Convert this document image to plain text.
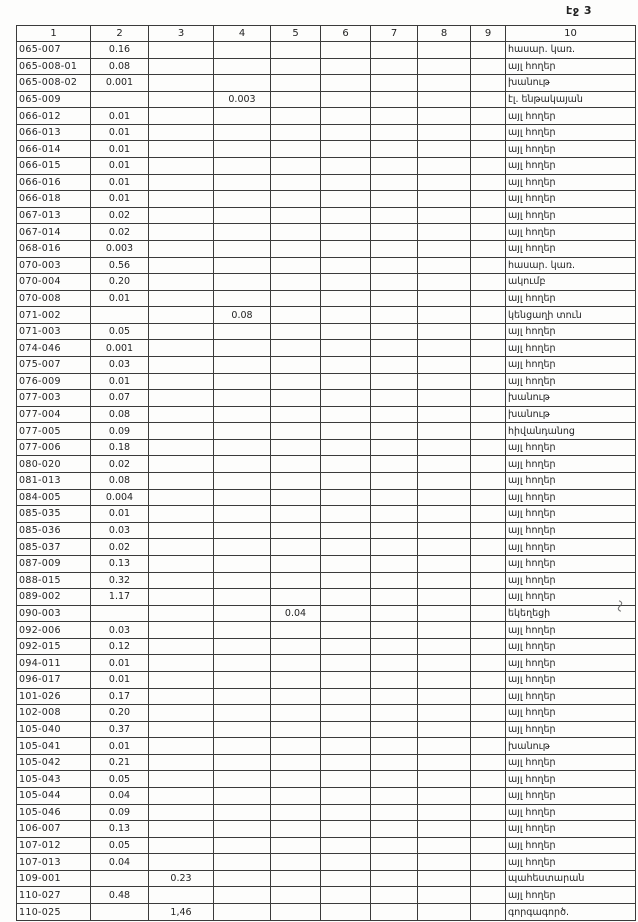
էջ 3
1	2	3	4	5	6	7	8	9	10
065-007	0.16								հասար. կառ.
065-008-01	0.08								այլ հողեր
065-008-02	0.001								խանութ
065-009			0.003						էլ. ենթակայան
066-012	0.01								այլ հողեր
066-013	0.01								այլ հողեր
066-014	0.01								այլ հողեր
066-015	0.01								այլ հողեր
066-016	0.01								այլ հողեր
066-018	0.01								այլ հողեր
067-013	0.02								այլ հողեր
067-014	0.02								այլ հողեր
068-016	0.003								այլ հողեր
070-003	0.56								հասար. կառ.
070-004	0.20								ակումբ
070-008	0.01								այլ հողեր
071-002			0.08						կենցաղի տուն
071-003	0.05								այլ հողեր
074-046	0.001								այլ հողեր
075-007	0.03								այլ հողեր
076-009	0.01								այլ հողեր
077-003	0.07								խանութ
077-004	0.08								խանութ
077-005	0.09								հիվանդանոց
077-006	0.18								այլ հողեր
080-020	0.02								այլ հողեր
081-013	0.08								այլ հողեր
084-005	0.004								այլ հողեր
085-035	0.01								այլ հողեր
085-036	0.03								այլ հողեր
085-037	0.02								այլ հողեր
087-009	0.13								այլ հողեր
088-015	0.32								այլ հողեր
089-002	1.17								այլ հողեր
090-003				0.04					եկեղեցի
092-006	0.03								այլ հողեր
092-015	0.12								այլ հողեր
094-011	0.01								այլ հողեր
096-017	0.01								այլ հողեր
101-026	0.17								այլ հողեր
102-008	0.20								այլ հողեր
105-040	0.37								այլ հողեր
105-041	0.01								խանութ
105-042	0.21								այլ հողեր
105-043	0.05								այլ հողեր
105-044	0.04								այլ հողեր
105-046	0.09								այլ հողեր
106-007	0.13								այլ հողեր
107-012	0.05								այլ հողեր
107-013	0.04								այլ հողեր
109-001		0.23							պահեստարան
110-027	0.48								այլ հողեր
110-025		1,46							գորգագործ.
